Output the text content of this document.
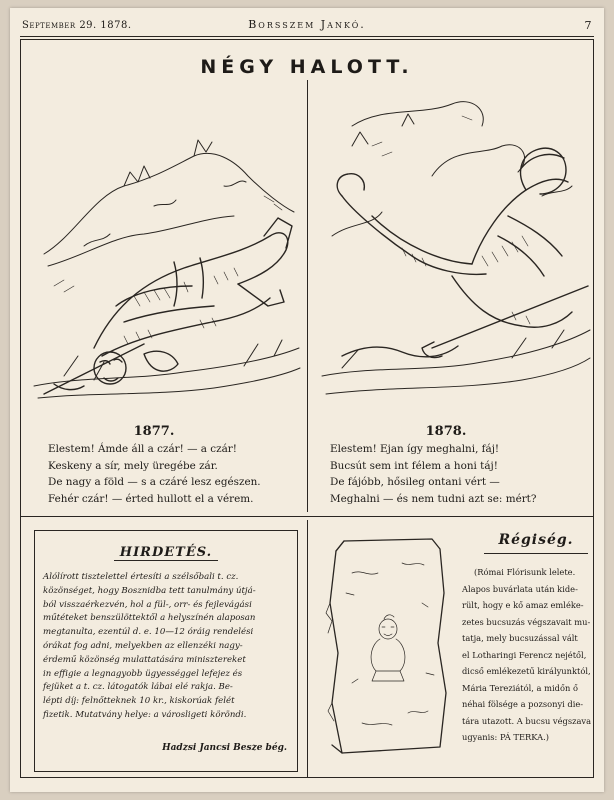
September 29. 1878.	Borsszem Jankó.	7
NÉGY HALOTT.
1877.	1878.
Elestem! Ámde áll a czár! — a czár!
Keskeny a sír, mely üregébe zár.
De nagy a föld — s a czáré lesz egészen.
Fehér czár! — érted hullott el a vérem.
Elestem! Ejan így meghalni, fáj!
Bucsút sem int félem a honi táj!
De fájóbb, hősileg ontani vért —
Meghalni — és nem tudni azt se: mért?
HIRDETÉS.
Alólírott tisztelettel értesíti a szélsőbali t. cz.
közönséget, hogy Bosznidba tett tanulmány útjá-
ból visszaérkezvén, hol a fül-, orr- és fejlevágási
műtéteket benszülöttektől a helyszínén alaposan
megtanulta, ezentúl d. e. 10—12 óráig rendelési
órákat fog adni, melyekben az ellenzéki nagy-
érdemű közönség mulattatására minisztereket
in effigie a legnagyobb ügyességgel lefejez és
fejüket a t. cz. látogatók lábai elé rakja. Be-
lépti díj: felnőtteknek 10 kr., kiskorúak felét
fizetik. Mutatvány helye: a városligeti köröndi.
Hadzsi Jancsi Besze bég.
Régiség.
(Római Flórisunk lelete.
Alapos buvárlata után kide-
rült, hogy e kő amaz emléke-
zetes bucsuzás végszavait mu-
tatja, mely bucsuzással vált
el Lotharingi Ferencz nejétől,
dicső emlékezetű királyunktól,
Mária Tereziától, a midőn ő
néhai fölsége a pozsonyi die-
tára utazott. A bucsu végszava
ugyanis: PÁ TERKA.)
